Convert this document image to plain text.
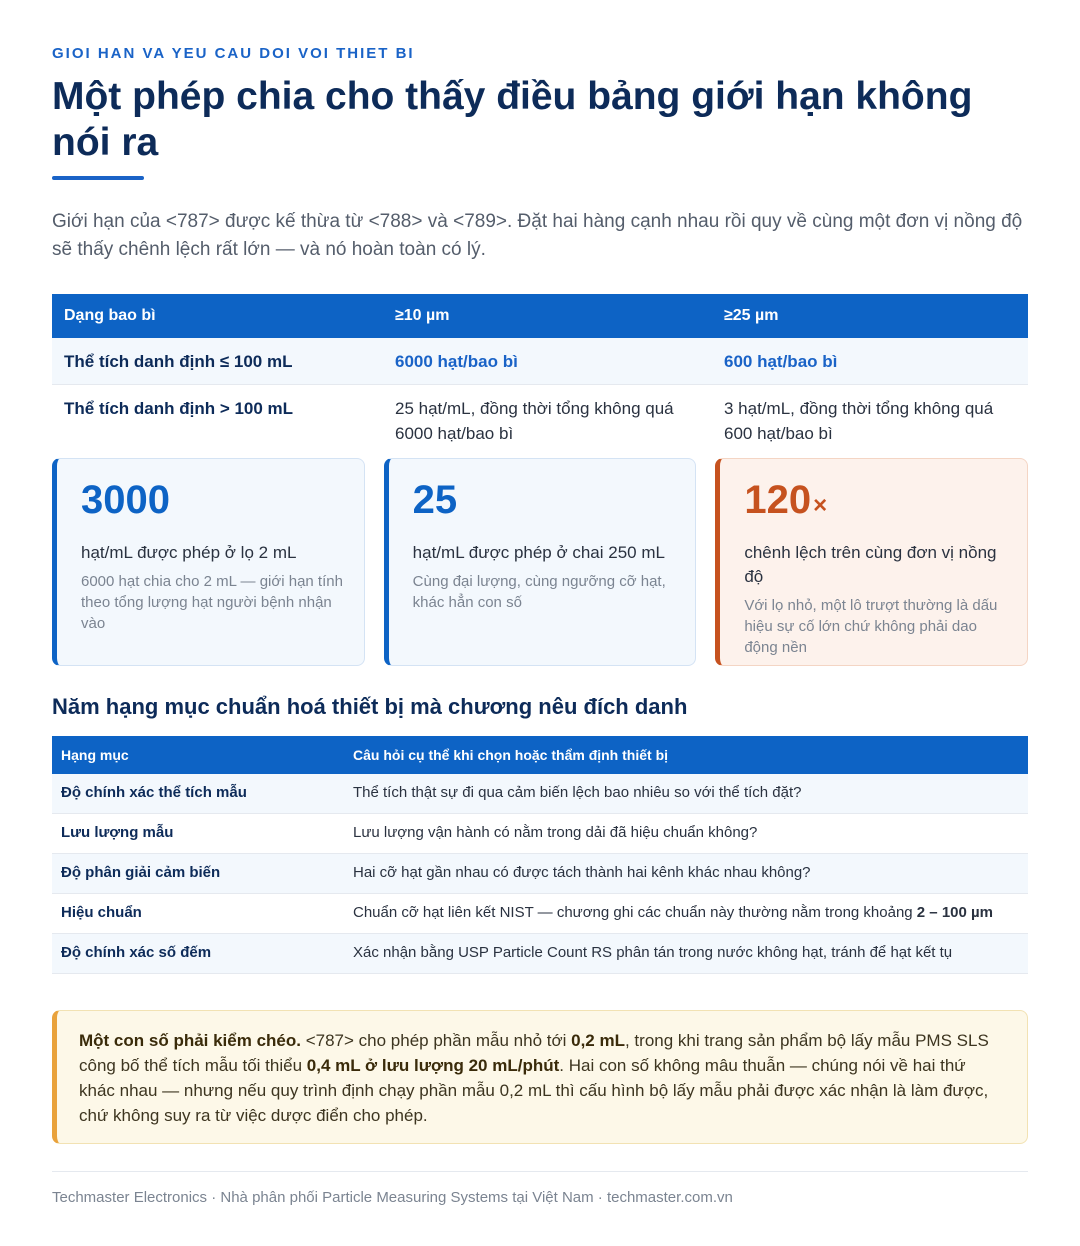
GIOI HAN VA YEU CAU DOI VOI THIET BI
Một phép chia cho thấy điều bảng giới hạn không nói ra

Giới hạn của <787> được kế thừa từ <788> và <789>. Đặt hai hàng cạnh nhau rồi quy về cùng một đơn vị nồng độ sẽ thấy chênh lệch rất lớn — và nó hoàn toàn có lý.

Dạng bao bì	≥10 µm	≥25 µm
Thể tích danh định ≤ 100 mL	6000 hạt/bao bì	600 hạt/bao bì
Thể tích danh định > 100 mL	25 hạt/mL, đồng thời tổng không quá 6000 hạt/bao bì	3 hạt/mL, đồng thời tổng không quá 600 hạt/bao bì
3000
hạt/mL được phép ở lọ 2 mL
6000 hạt chia cho 2 mL — giới hạn tính theo tổng lượng hạt người bệnh nhận vào
25
hạt/mL được phép ở chai 250 mL
Cùng đại lượng, cùng ngưỡng cỡ hạt, khác hẳn con số
120×
chênh lệch trên cùng đơn vị nồng độ
Với lọ nhỏ, một lô trượt thường là dấu hiệu sự cố lớn chứ không phải dao động nền
Năm hạng mục chuẩn hoá thiết bị mà chương nêu đích danh
Hạng mục	Câu hỏi cụ thể khi chọn hoặc thẩm định thiết bị
Độ chính xác thể tích mẫu	Thể tích thật sự đi qua cảm biến lệch bao nhiêu so với thể tích đặt?
Lưu lượng mẫu	Lưu lượng vận hành có nằm trong dải đã hiệu chuẩn không?
Độ phân giải cảm biến	Hai cỡ hạt gần nhau có được tách thành hai kênh khác nhau không?
Hiệu chuẩn	Chuẩn cỡ hạt liên kết NIST — chương ghi các chuẩn này thường nằm trong khoảng 2 – 100 µm
Độ chính xác số đếm	Xác nhận bằng USP Particle Count RS phân tán trong nước không hạt, tránh để hạt kết tụ
Một con số phải kiểm chéo. <787> cho phép phần mẫu nhỏ tới 0,2 mL, trong khi trang sản phẩm bộ lấy mẫu PMS SLS công bố thể tích mẫu tối thiểu 0,4 mL ở lưu lượng 20 mL/phút. Hai con số không mâu thuẫn — chúng nói về hai thứ khác nhau — nhưng nếu quy trình định chạy phần mẫu 0,2 mL thì cấu hình bộ lấy mẫu phải được xác nhận là làm được, chứ không suy ra từ việc dược điển cho phép.
Techmaster Electronics · Nhà phân phối Particle Measuring Systems tại Việt Nam · techmaster.com.vn
